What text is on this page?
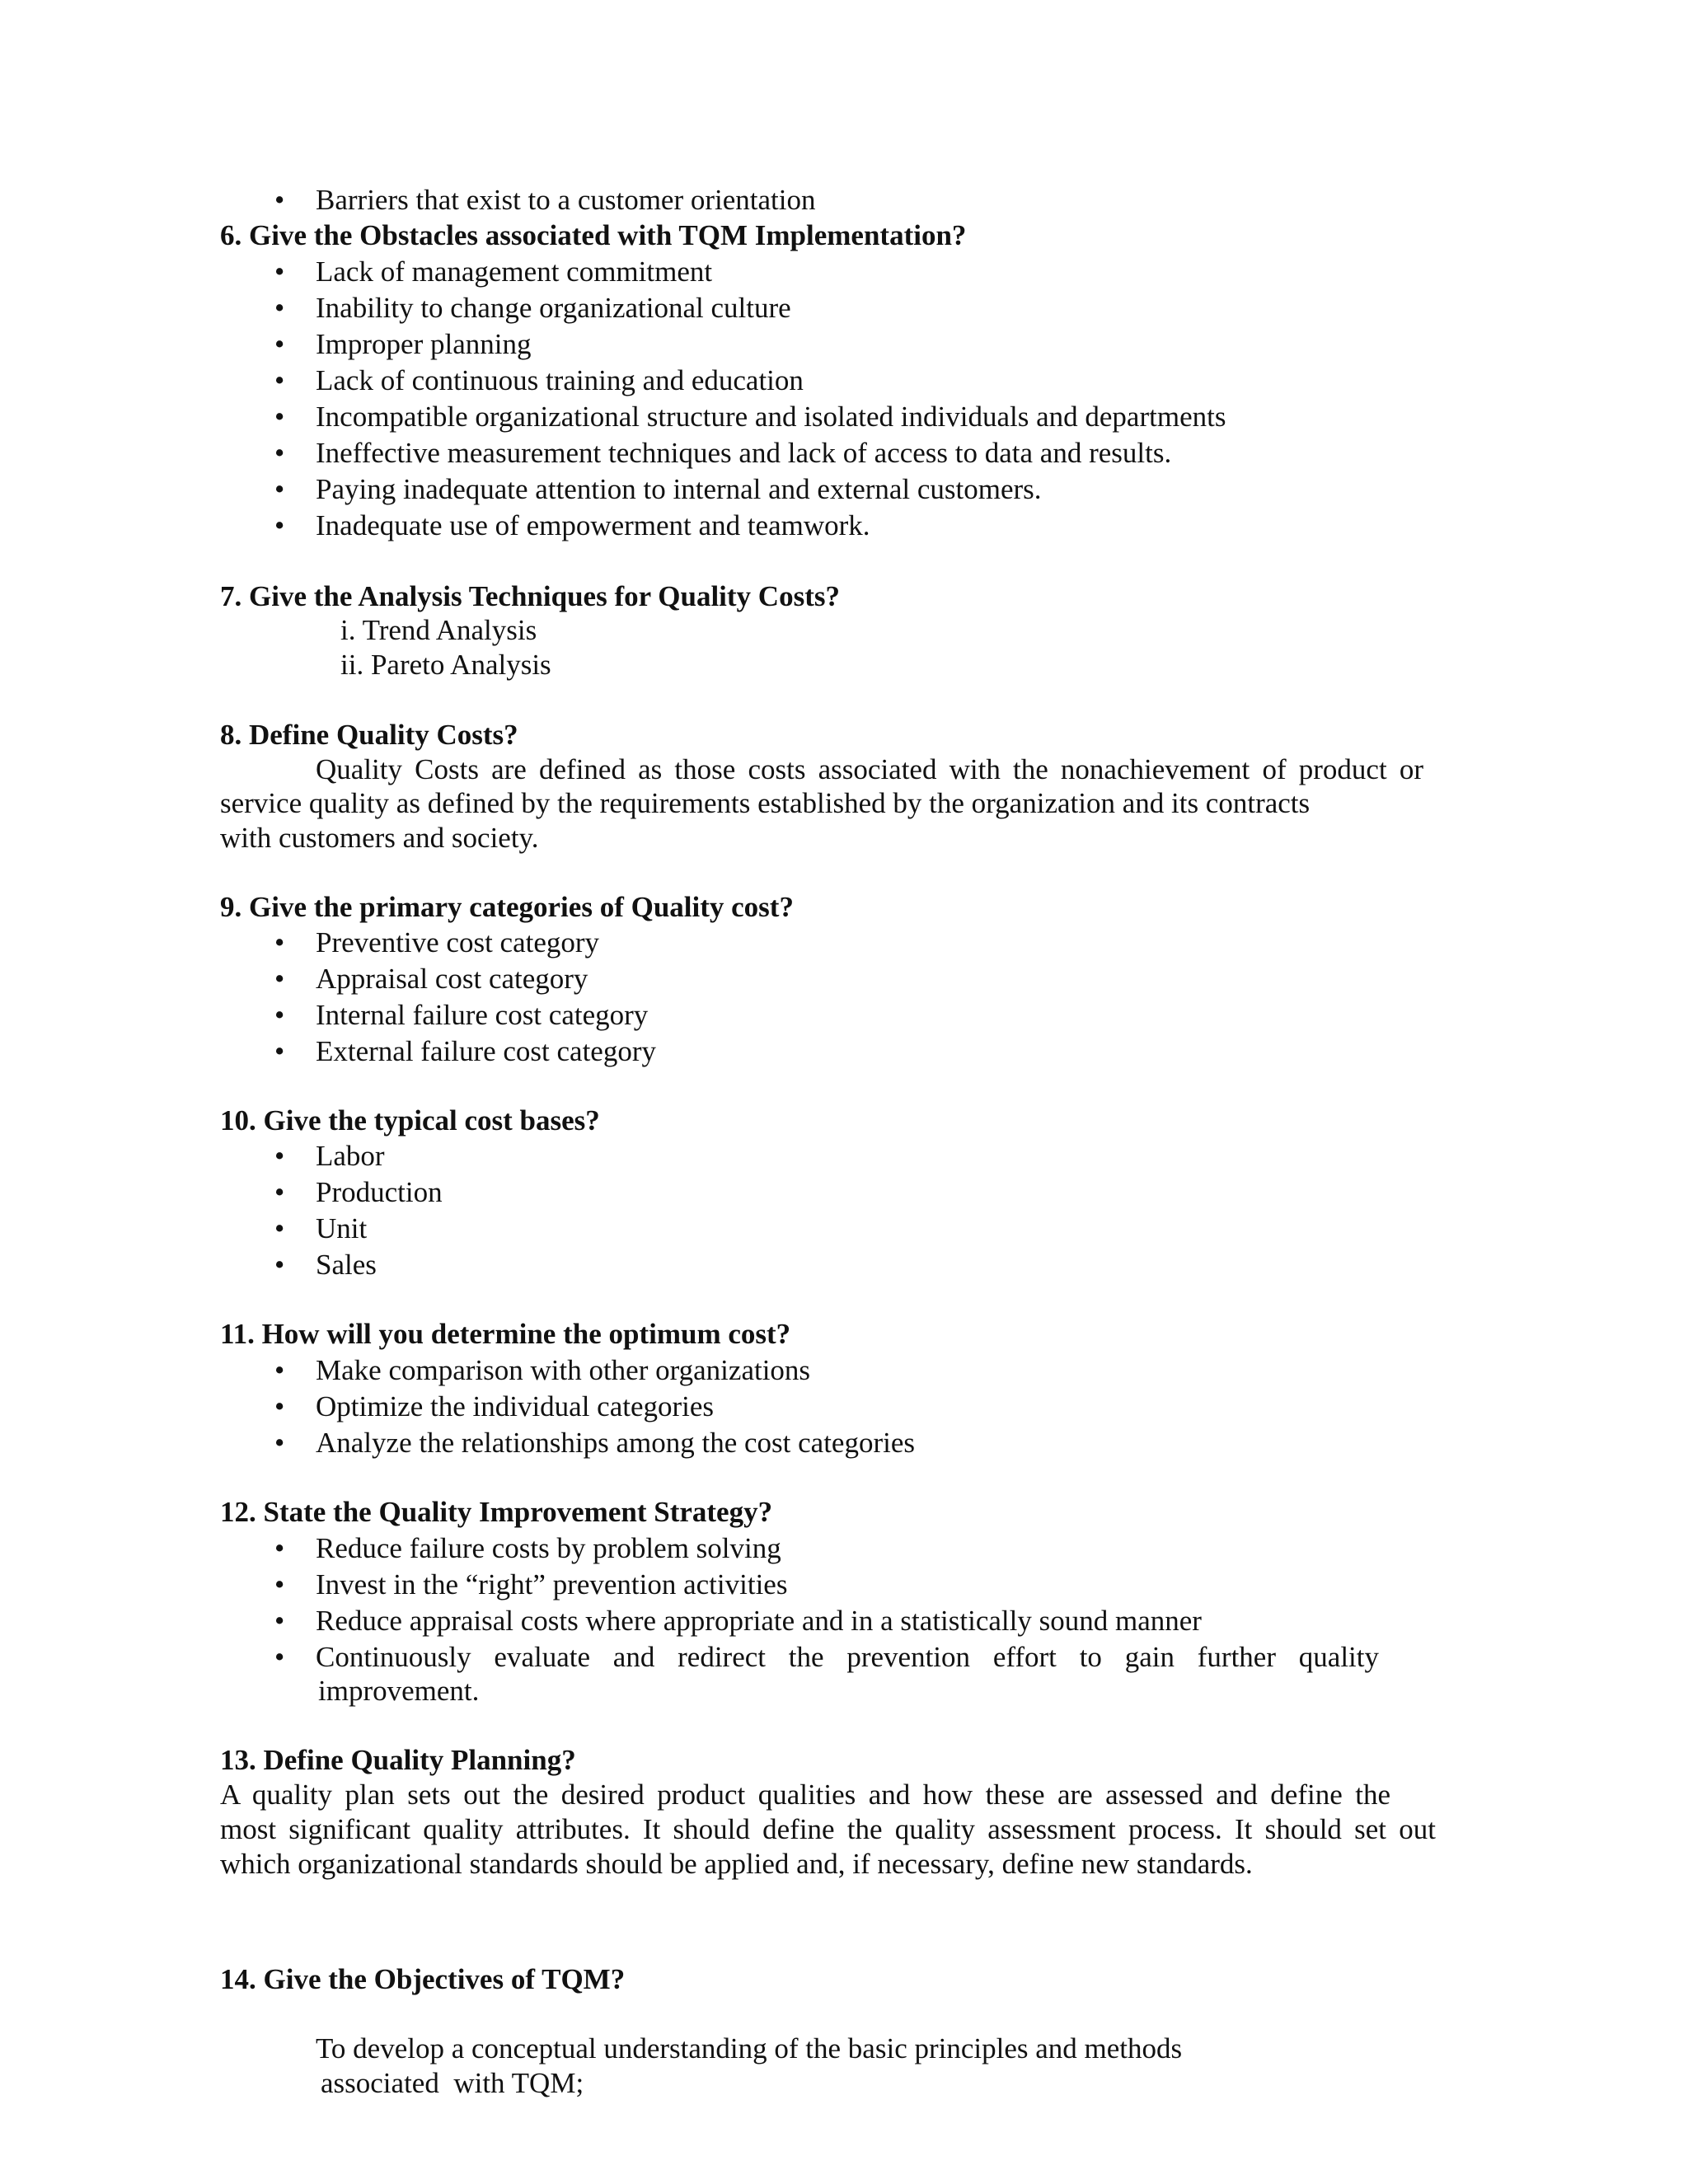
• Barriers that exist to a customer orientation
6. Give the Obstacles associated with TQM Implementation?
• Lack of management commitment
• Inability to change organizational culture
• Improper planning
• Lack of continuous training and education
• Incompatible organizational structure and isolated individuals and departments
• Ineffective measurement techniques and lack of access to data and results.
• Paying inadequate attention to internal and external customers.
• Inadequate use of empowerment and teamwork.
7. Give the Analysis Techniques for Quality Costs?
i. Trend Analysis
ii. Pareto Analysis
8. Define Quality Costs?
Quality Costs are defined as those costs associated with the nonachievement of product or
service quality as defined by the requirements established by the organization and its contracts
with customers and society.
9. Give the primary categories of Quality cost?
• Preventive cost category
• Appraisal cost category
• Internal failure cost category
• External failure cost category
10. Give the typical cost bases?
• Labor
• Production
• Unit
• Sales
11. How will you determine the optimum cost?
• Make comparison with other organizations
• Optimize the individual categories
• Analyze the relationships among the cost categories
12. State the Quality Improvement Strategy?
• Reduce failure costs by problem solving
• Invest in the “right” prevention activities
• Reduce appraisal costs where appropriate and in a statistically sound manner
• Continuously evaluate and redirect the prevention effort to gain further quality
improvement.
13. Define Quality Planning?
A quality plan sets out the desired product qualities and how these are assessed and define the
most significant quality attributes. It should define the quality assessment process. It should set out
which organizational standards should be applied and, if necessary, define new standards.
14. Give the Objectives of TQM?
To develop a conceptual understanding of the basic principles and methods
associated  with TQM;
